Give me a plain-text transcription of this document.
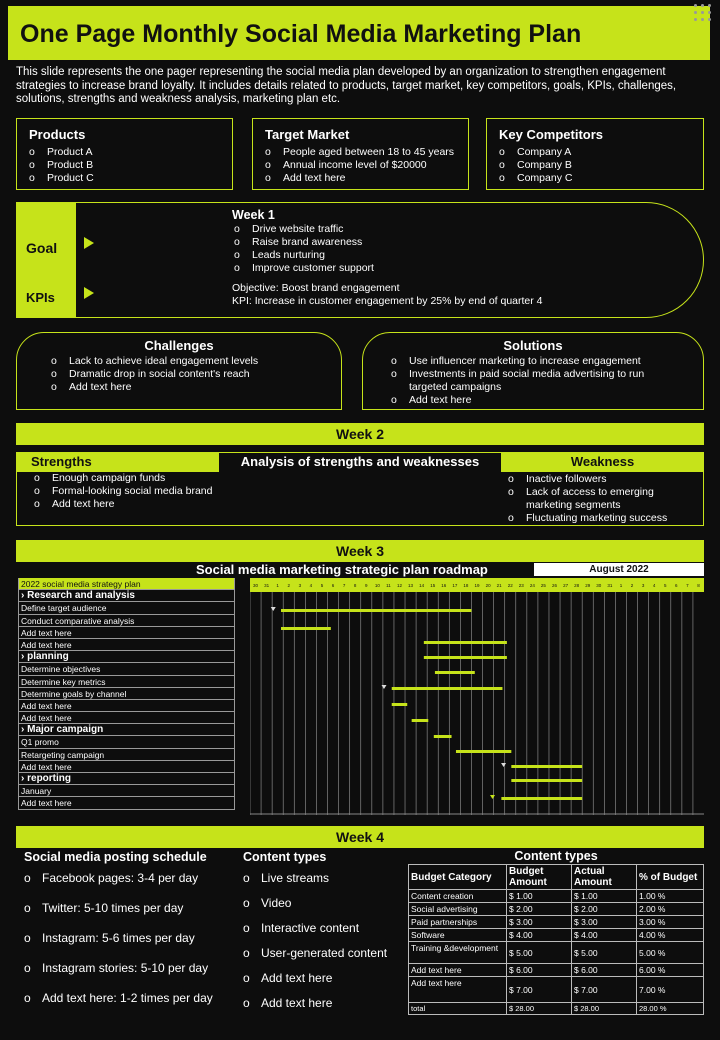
One Page Monthly Social Media Marketing Plan

This slide represents the one pager representing the social media plan developed by an organization to strengthen engagement strategies to increase brand loyalty. It includes details related to products, target market, key competitors, goals, KPIs, challenges, solutions, strengths and weakness analysis, marketing plan etc.

Products
o Product A
o Product B
o Product C
Target Market
o People aged between 18 to 45 years
o Annual income level of $20000
o Add text here
Key Competitors
o Company A
o Company B
o Company C
Goal
KPIs
Week 1
o Drive website traffic
o Raise brand awareness
o Leads nurturing
o Improve customer support
Objective: Boost brand engagement
KPI: Increase in customer engagement by 25% by end of quarter 4
Challenges
o Lack to achieve ideal engagement levels
o Dramatic drop in social content's reach
o Add text here
Solutions
o Use influencer marketing to increase engagement
o Investments in paid social media advertising to run targeted campaigns
o Add text here
Week 2
Strengths	Analysis of strengths and weaknesses	Weakness
o Enough campaign funds
o Formal-looking social media brand
o Add text here
o Inactive followers
o Lack of access to emerging marketing segments
o Fluctuating marketing success
Week 3
Social media marketing strategic plan roadmap	August 2022
2022 social media strategy plan
› Research and analysis
Define target audience
Conduct comparative analysis
Add text here
Add text here
› planning
Determine objectives
Determine key metrics
Determine goals by channel
Add text here
Add text here
› Major campaign
Q1 promo
Retargeting campaign
Add text here
› reporting
January
Add text here
30 31 1 2 3 4 5 6 7 8 9 10 11 12 13 14 15 16 17 18 19 20 21 22 23 24 25 26 27 28 29 30 31 1 2 3 4 5 6 7 8
Week 4
Social media posting schedule
o Facebook pages: 3-4 per day
o Twitter: 5-10 times per day
o Instagram: 5-6 times per day
o Instagram stories: 5-10 per day
o Add text here: 1-2 times per day
Content types
o Live streams
o Video
o Interactive content
o User-generated content
o Add text here
o Add text here
Content types
Budget Category	Budget Amount	Actual Amount	% of Budget
Content creation	$ 1.00	$ 1.00	1.00 %
Social advertising	$ 2.00	$ 2.00	2.00 %
Paid partnerships	$ 3.00	$ 3.00	3.00 %
Software	$ 4.00	$ 4.00	4.00 %
Training &development	$ 5.00	$ 5.00	5.00 %
Add text here	$ 6.00	$ 6.00	6.00 %
Add text here	$ 7.00	$ 7.00	7.00 %
total	$ 28.00	$ 28.00	28.00 %
